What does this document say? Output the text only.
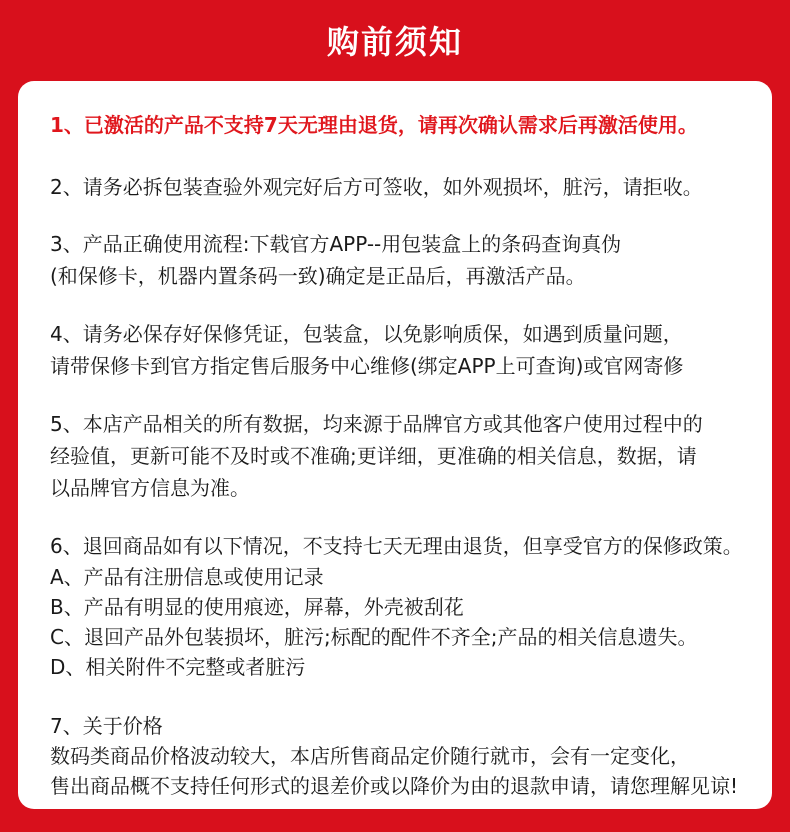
购前须知
1、已激活的产品不支持7天无理由退货，请再次确认需求后再激活使用。
2、请务必拆包装查验外观完好后方可签收，如外观损坏，脏污，请拒收。
3、产品正确使用流程:下载官方APP--用包装盒上的条码查询真伪
(和保修卡，机器内置条码一致)确定是正品后，再激活产品。
4、请务必保存好保修凭证，包装盒，以免影响质保，如遇到质量问题，
请带保修卡到官方指定售后服务中心维修(绑定APP上可查询)或官网寄修
5、本店产品相关的所有数据，均来源于品牌官方或其他客户使用过程中的
经验值，更新可能不及时或不准确;更详细，更准确的相关信息，数据，请
以品牌官方信息为准。
6、退回商品如有以下情况，不支持七天无理由退货，但享受官方的保修政策。
A、产品有注册信息或使用记录
B、产品有明显的使用痕迹，屏幕，外壳被刮花
C、退回产品外包装损坏，脏污;标配的配件不齐全;产品的相关信息遗失。
D、相关附件不完整或者脏污
7、关于价格
数码类商品价格波动较大，本店所售商品定价随行就市，会有一定变化，
售出商品概不支持任何形式的退差价或以降价为由的退款申请，请您理解见谅!
